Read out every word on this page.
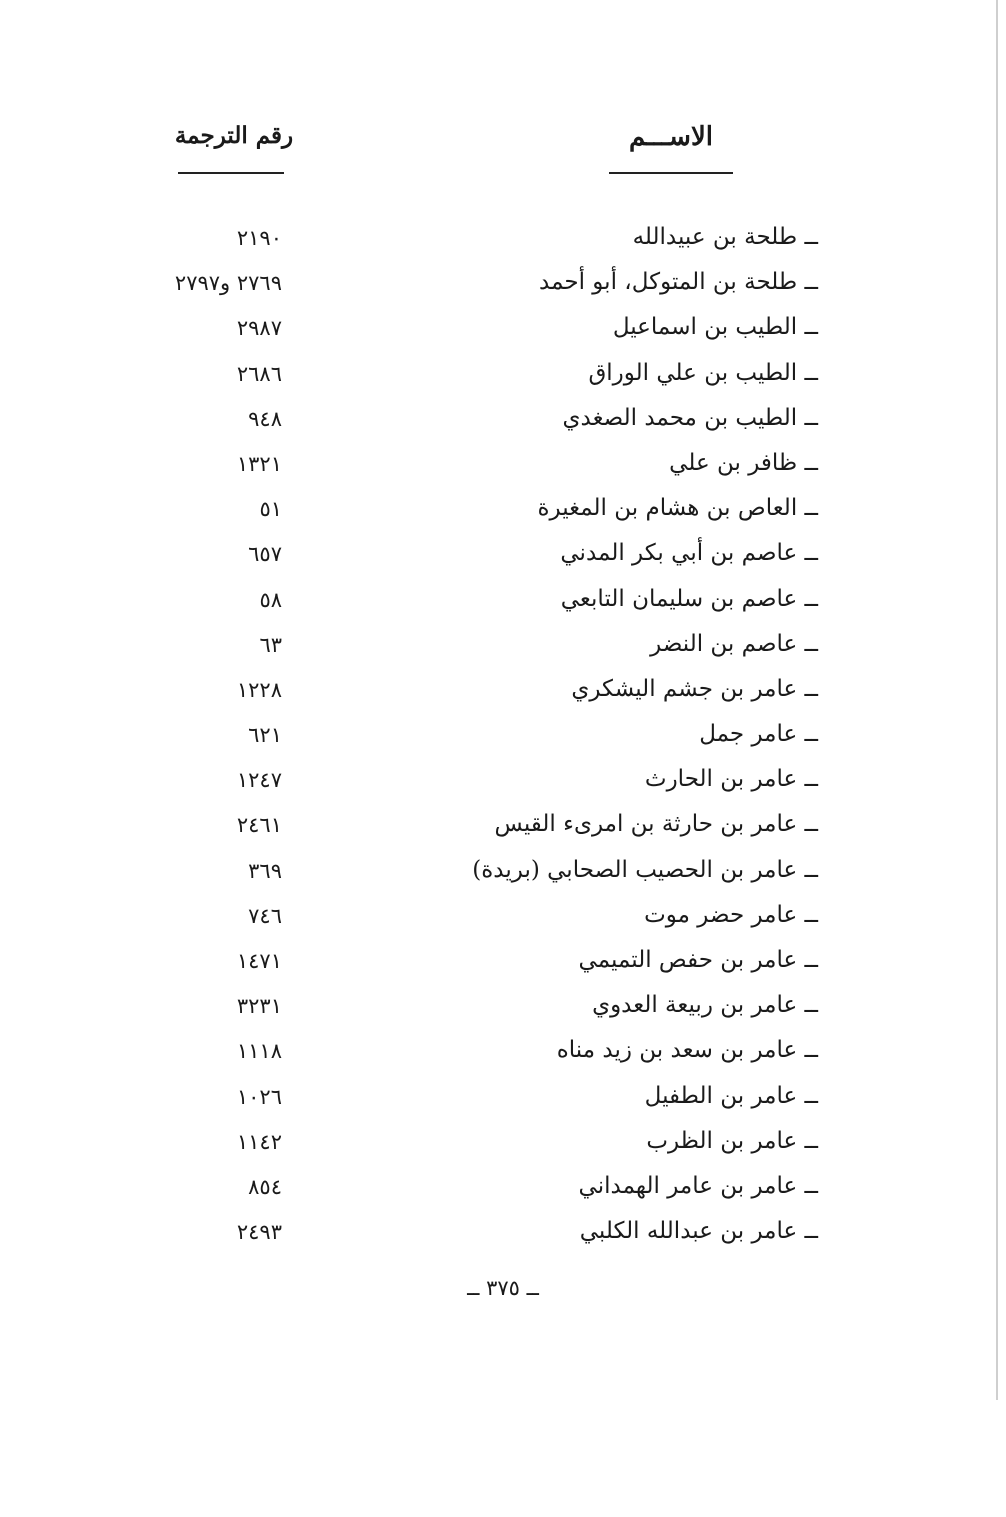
الاســـم
رقم الترجمة
ــ طلحة بن عبيدالله
٢١٩٠
ــ طلحة بن المتوكل، أبو أحمد
٢٧٦٩ و٢٧٩٧
ــ الطيب بن اسماعيل
٢٩٨٧
ــ الطيب بن علي الوراق
٢٦٨٦
ــ الطيب بن محمد الصغدي
٩٤٨
ــ ظافر بن علي
١٣٢١
ــ العاص بن هشام بن المغيرة
٥١
ــ عاصم بن أبي بكر المدني
٦٥٧
ــ عاصم بن سليمان التابعي
٥٨
ــ عاصم بن النضر
٦٣
ــ عامر بن جشم اليشكري
١٢٢٨
ــ عامر جمل
٦٢١
ــ عامر بن الحارث
١٢٤٧
ــ عامر بن حارثة بن امرىء القيس
٢٤٦١
ــ عامر بن الحصيب الصحابي (بريدة)
٣٦٩
ــ عامر حضر موت
٧٤٦
ــ عامر بن حفص التميمي
١٤٧١
ــ عامر بن ربيعة العدوي
٣٢٣١
ــ عامر بن سعد بن زيد مناه
١١١٨
ــ عامر بن الطفيل
١٠٢٦
ــ عامر بن الظرب
١١٤٢
ــ عامر بن عامر الهمداني
٨٥٤
ــ عامر بن عبدالله الكلبي
٢٤٩٣
ــ ٣٧٥ ــ
